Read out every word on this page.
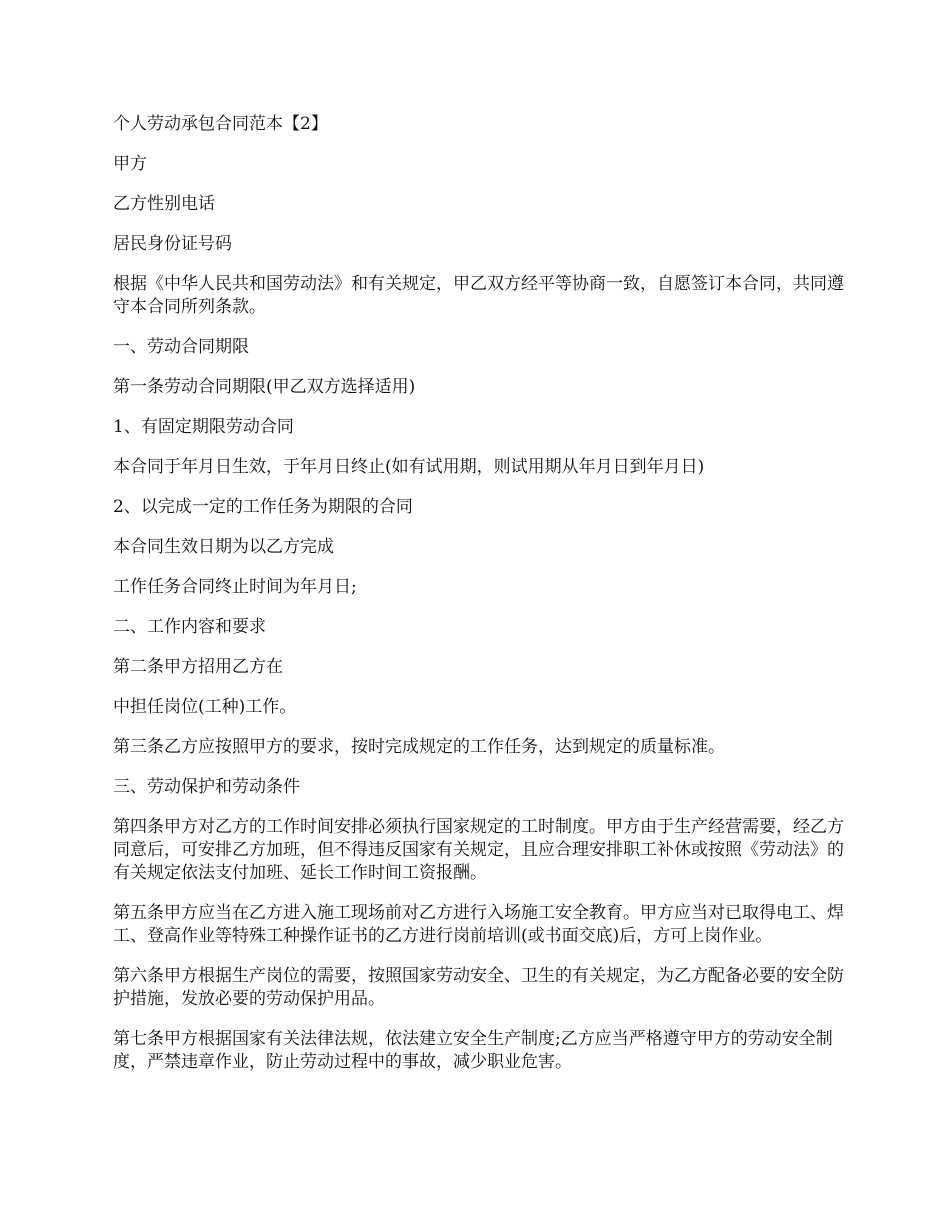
个人劳动承包合同范本【2】

甲方

乙方性别电话

居民身份证号码

根据《中华人民共和国劳动法》和有关规定，甲乙双方经平等协商一致，自愿签订本合同，共同遵守本合同所列条款。

一、劳动合同期限

第一条劳动合同期限(甲乙双方选择适用)

1、有固定期限劳动合同

本合同于年月日生效，于年月日终止(如有试用期，则试用期从年月日到年月日)

2、以完成一定的工作任务为期限的合同

本合同生效日期为以乙方完成

工作任务合同终止时间为年月日;

二、工作内容和要求

第二条甲方招用乙方在

中担任岗位(工种)工作。

第三条乙方应按照甲方的要求，按时完成规定的工作任务，达到规定的质量标准。

三、劳动保护和劳动条件

第四条甲方对乙方的工作时间安排必须执行国家规定的工时制度。甲方由于生产经营需要，经乙方同意后，可安排乙方加班，但不得违反国家有关规定，且应合理安排职工补休或按照《劳动法》的有关规定依法支付加班、延长工作时间工资报酬。

第五条甲方应当在乙方进入施工现场前对乙方进行入场施工安全教育。甲方应当对已取得电工、焊工、登高作业等特殊工种操作证书的乙方进行岗前培训(或书面交底)后，方可上岗作业。

第六条甲方根据生产岗位的需要，按照国家劳动安全、卫生的有关规定，为乙方配备必要的安全防护措施，发放必要的劳动保护用品。

第七条甲方根据国家有关法律法规，依法建立安全生产制度;乙方应当严格遵守甲方的劳动安全制度，严禁违章作业，防止劳动过程中的事故，减少职业危害。
